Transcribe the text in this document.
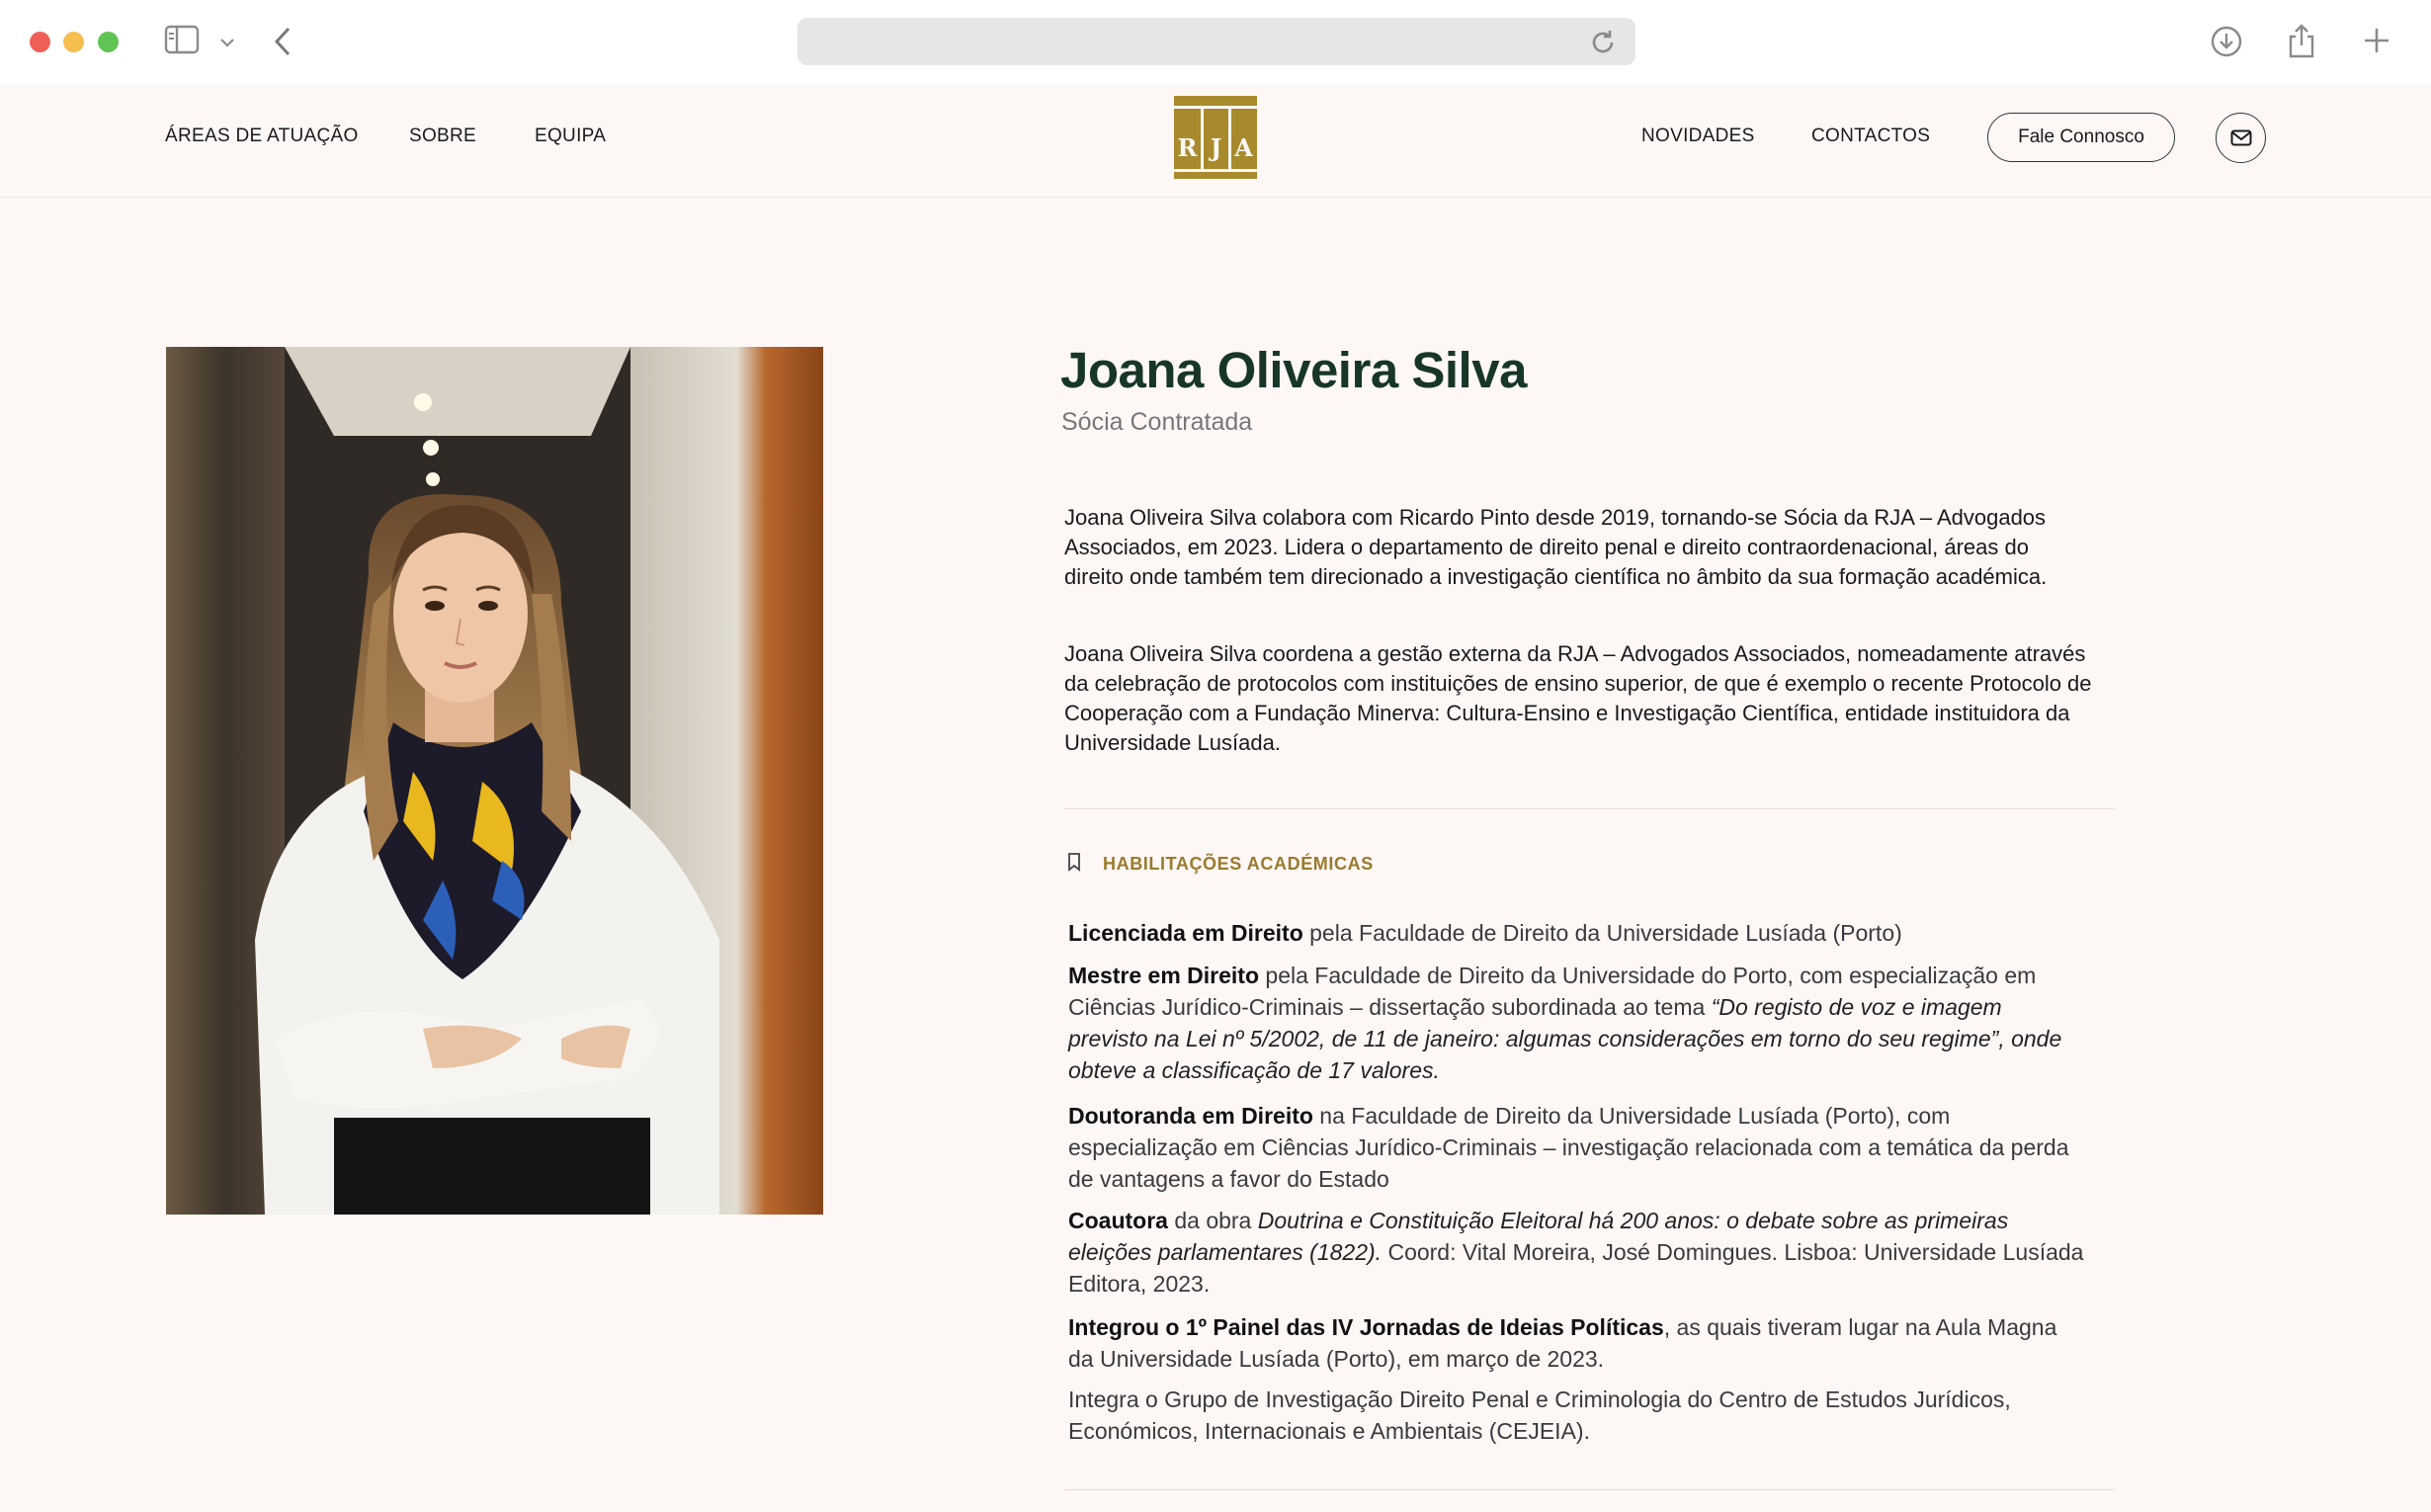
ÁREAS DE ATUAÇÃO	SOBRE	EQUIPA	R J A	NOVIDADES	CONTACTOS	Fale Connosco
Joana Oliveira Silva
Sócia Contratada

Joana Oliveira Silva colabora com Ricardo Pinto desde 2019, tornando-se Sócia da RJA – Advogados Associados, em 2023. Lidera o departamento de direito penal e direito contraordenacional, áreas do direito onde também tem direcionado a investigação científica no âmbito da sua formação académica.

Joana Oliveira Silva coordena a gestão externa da RJA – Advogados Associados, nomeadamente através da celebração de protocolos com instituições de ensino superior, de que é exemplo o recente Protocolo de Cooperação com a Fundação Minerva: Cultura-Ensino e Investigação Científica, entidade instituidora da Universidade Lusíada.

HABILITAÇÕES ACADÉMICAS
Licenciada em Direito pela Faculdade de Direito da Universidade Lusíada (Porto)
Mestre em Direito pela Faculdade de Direito da Universidade do Porto, com especialização em Ciências Jurídico-Criminais – dissertação subordinada ao tema “Do registo de voz e imagem previsto na Lei nº 5/2002, de 11 de janeiro: algumas considerações em torno do seu regime”, onde obteve a classificação de 17 valores.
Doutoranda em Direito na Faculdade de Direito da Universidade Lusíada (Porto), com especialização em Ciências Jurídico-Criminais – investigação relacionada com a temática da perda de vantagens a favor do Estado
Coautora da obra Doutrina e Constituição Eleitoral há 200 anos: o debate sobre as primeiras eleições parlamentares (1822). Coord: Vital Moreira, José Domingues. Lisboa: Universidade Lusíada Editora, 2023.
Integrou o 1º Painel das IV Jornadas de Ideias Políticas, as quais tiveram lugar na Aula Magna da Universidade Lusíada (Porto), em março de 2023.
Integra o Grupo de Investigação Direito Penal e Criminologia do Centro de Estudos Jurídicos, Económicos, Internacionais e Ambientais (CEJEIA).
